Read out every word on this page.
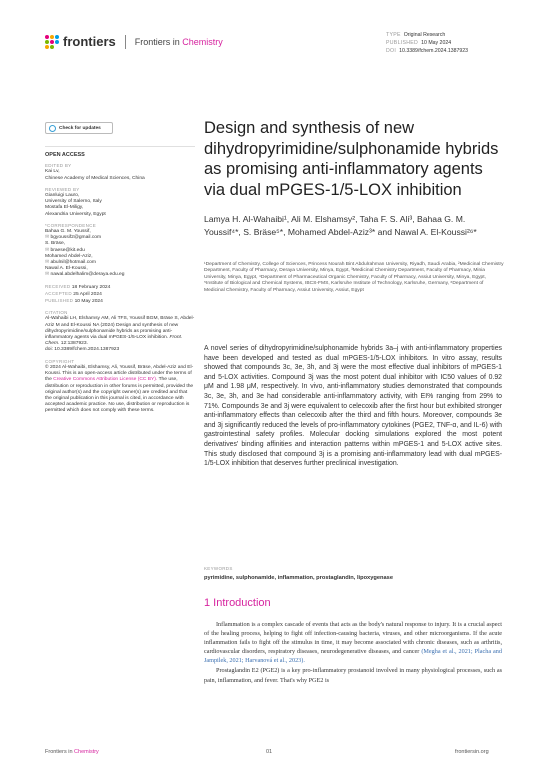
frontiers Frontiers in Chemistry
TYPE Original Research
PUBLISHED 10 May 2024
DOI 10.3389/fchem.2024.1387923
Check for updates

OPEN ACCESS

EDITED BY

Kai Lv,

Chinese Academy of Medical Sciences, China

REVIEWED BY

Gianluigi Lauro,

University of Salerno, Italy

Mostafa El-Miligy,

Alexandria University, Egypt

*CORRESPONDENCE

Bahaa G. M. Youssif,

✉ bgyoussif2@gmail.com

S. Bräse,

✉ braese@kit.edu

Mohamed Abdel-Aziz,

✉ abulnil@hotmail.com

Nawal A. El-Koussi,

✉ nawal.abdelhalim@deraya.edu.eg

RECEIVED 18 February 2024

ACCEPTED 25 April 2024

PUBLISHED 10 May 2024

CITATION

Al-Wahaibi LH, Elshamsy AM, Ali TFS, Youssif BGM, Bräse S, Abdel-Aziz M and El-Koussi NA (2024) Design and synthesis of new dihydropyrimidine/sulphonamide hybrids as promising anti-inflammatory agents via dual mPGES-1/5-LOX inhibition. Front. Chem. 12:1387923.

doi: 10.3389/fchem.2024.1387923

COPYRIGHT

© 2024 Al-Wahaibi, Elshamsy, Ali, Youssif, Bräse, Abdel-Aziz and El-Koussi. This is an open-access article distributed under the terms of the Creative Commons Attribution License (CC BY). The use, distribution or reproduction in other forums is permitted, provided the original author(s) and the copyright owner(s) are credited and that the original publication in this journal is cited, in accordance with accepted academic practice. No use, distribution or reproduction is permitted which does not comply with these terms.

Design and synthesis of new dihydropyrimidine/sulphonamide hybrids as promising anti-inflammatory agents via dual mPGES-1/5-LOX inhibition
Lamya H. Al-Wahaibi¹, Ali M. Elshamsy², Taha F. S. Ali³, Bahaa G. M. Youssif⁴*, S. Bräse⁵*, Mohamed Abdel-Aziz³* and Nawal A. El-Koussi²⁶*
¹Department of Chemistry, College of Sciences, Princess Nourah Bint Abdulrahman University, Riyadh, Saudi Arabia, ²Medicinal Chemistry Department, Faculty of Pharmacy, Deraya University, Minya, Egypt, ³Medicinal Chemistry Department, Faculty of Pharmacy, Minia University, Minya, Egypt, ⁴Department of Pharmaceutical Organic Chemistry, Faculty of Pharmacy, Assiut University, Minya, Egypt, ⁵Institute of Biological and Chemical Systems, IBCS-FMS, Karlsruhe Institute of Technology, Karlsruhe, Germany, ⁶Department of Medicinal Chemistry, Faculty of Pharmacy, Assiut University, Assiut, Egypt
A novel series of dihydropyrimidine/sulphonamide hybrids 3a–j with anti-inflammatory properties have been developed and tested as dual mPGES-1/5-LOX inhibitors. In vitro assay, results showed that compounds 3c, 3e, 3h, and 3j were the most effective dual inhibitors of mPGES-1 and 5-LOX activities. Compound 3j was the most potent dual inhibitor with IC50 values of 0.92 μM and 1.98 μM, respectively. In vivo, anti-inflammatory studies demonstrated that compounds 3c, 3e, 3h, and 3e had considerable anti-inflammatory activity, with EI% ranging from 29% to 71%. Compounds 3e and 3j were equivalent to celecoxib after the first hour but exhibited stronger anti-inflammatory effects than celecoxib after the third and fifth hours. Moreover, compounds 3e and 3j significantly reduced the levels of pro-inflammatory cytokines (PGE2, TNF-α, and IL-6) with gastrointestinal safety profiles. Molecular docking simulations explored the most potent derivatives' binding affinities and interaction patterns within mPGES-1 and 5-LOX active sites. This study disclosed that compound 3j is a promising anti-inflammatory lead with dual mPGES-1/5-LOX inhibition that deserves further preclinical investigation.
KEYWORDS
pyrimidine, sulphonamide, inflammation, prostaglandin, lipoxygenase
1 Introduction

Inflammation is a complex cascade of events that acts as the body's natural response to injury. It is a crucial aspect of the healing process, helping to fight off infection-causing bacteria, viruses, and other microorganisms. If the acute inflammation fails to fight off the stimulus in time, it may become associated with chronic diseases, such as arthritis, cardiovascular disorders, respiratory diseases, neurodegenerative diseases, and cancer (Megha et al., 2021; Placha and Jampilek, 2021; Harvanová et al., 2023).

Prostaglandin E2 (PGE2) is a key pro-inflammatory prostanoid involved in many physiological processes, such as pain, inflammation, and fever. That's why PGE2 is

Frontiers in Chemistry	01	frontiersin.org
